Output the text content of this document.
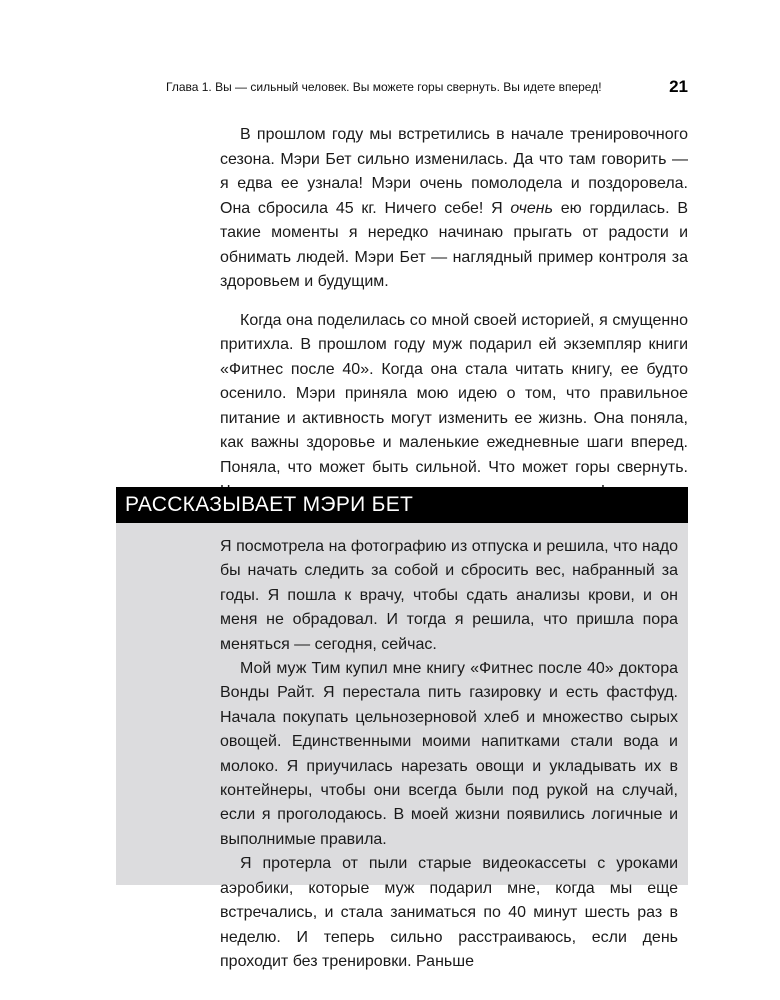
Глава 1. Вы — сильный человек. Вы можете горы свернуть. Вы идете вперед!	21

В прошлом году мы встретились в начале тренировочного сезона. Мэри Бет сильно изменилась. Да что там говорить — я едва ее узнала! Мэри очень помолодела и поздоровела. Она сбросила 45 кг. Ничего себе! Я очень ею гордилась. В такие моменты я нередко начинаю прыгать от радости и обнимать людей. Мэри Бет — наглядный пример контроля за здоровьем и будущим.

Когда она поделилась со мной своей историей, я смущенно притихла. В прошлом году муж подарил ей экземпляр книги «Фитнес после 40». Когда она стала читать книгу, ее будто осенило. Мэри приняла мою идею о том, что правильное питание и активность могут изменить ее жизнь. Она поняла, как важны здоровье и маленькие ежедневные шаги вперед. Поняла, что может быть сильной. Что может горы свернуть.

РАССКАЗЫВАЕТ МЭРИ БЕТ

Я посмотрела на фотографию из отпуска и решила, что надо бы начать следить за собой и сбросить вес, набранный за годы. Я пошла к врачу, чтобы сдать анализы крови, и он меня не обрадовал. И тогда я решила, что пришла пора меняться — сегодня, сейчас.

Мой муж Тим купил мне книгу «Фитнес после 40» доктора Вонды Райт. Я перестала пить газировку и есть фастфуд. Начала покупать цельнозерновой хлеб и множество сырых овощей. Единственными моими напитками стали вода и молоко. Я приучилась нарезать овощи и укладывать их в контейнеры, чтобы они всегда были под рукой на случай, если я проголодаюсь. В моей жизни появились логичные и выполнимые правила.

Я протерла от пыли старые видеокассеты с уроками аэробики, которые муж подарил мне, когда мы еще встречались, и стала заниматься по 40 минут шесть раз в неделю. И теперь сильно расстраиваюсь, если день проходит без тренировки. Раньше
